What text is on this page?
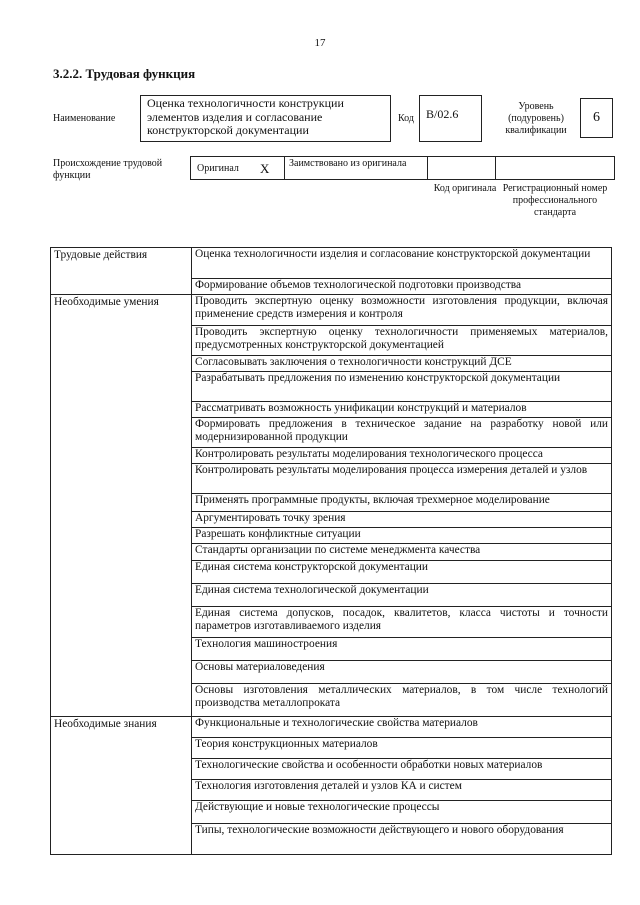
17
3.2.2. Трудовая функция
Наименование
Оценка технологичности конструкции элементов изделия и согласование конструкторской документации
Код	B/02.6
Уровень
(подуровень)
квалификации
6
Происхождение трудовой функции
Оригинал X Заимствовано из оригинала
Код оригинала Регистрационный номер профессионального стандарта
Трудовые действия	Оценка технологичности изделия и согласование конструкторской документации
	Формирование объемов технологической подготовки производства
Необходимые умения	Проводить экспертную оценку возможности изготовления продукции, включая применение средств измерения и контроля
	Проводить экспертную оценку технологичности применяемых материалов, предусмотренных конструкторской документацией
	Согласовывать заключения о технологичности конструкций ДСЕ
	Разрабатывать предложения по изменению конструкторской документации
	Рассматривать возможность унификации конструкций и материалов
	Формировать предложения в техническое задание на разработку новой или модернизированной продукции
	Контролировать результаты моделирования технологического процесса
	Контролировать результаты моделирования процесса измерения деталей и узлов
	Применять программные продукты, включая трехмерное моделирование
	Аргументировать точку зрения
	Разрешать конфликтные ситуации
	Стандарты организации по системе менеджмента качества
	Единая система конструкторской документации
	Единая система технологической документации
	Единая система допусков, посадок, квалитетов, класса чистоты и точности параметров изготавливаемого изделия
	Технология машиностроения
	Основы материаловедения
	Основы изготовления металлических материалов, в том числе технологий производства металлопроката
Необходимые знания	Функциональные и технологические свойства материалов
	Теория конструкционных материалов
	Технологические свойства и особенности обработки новых материалов
	Технология изготовления деталей и узлов КА и систем
	Действующие и новые технологические процессы
	Типы, технологические возможности действующего и нового оборудования
